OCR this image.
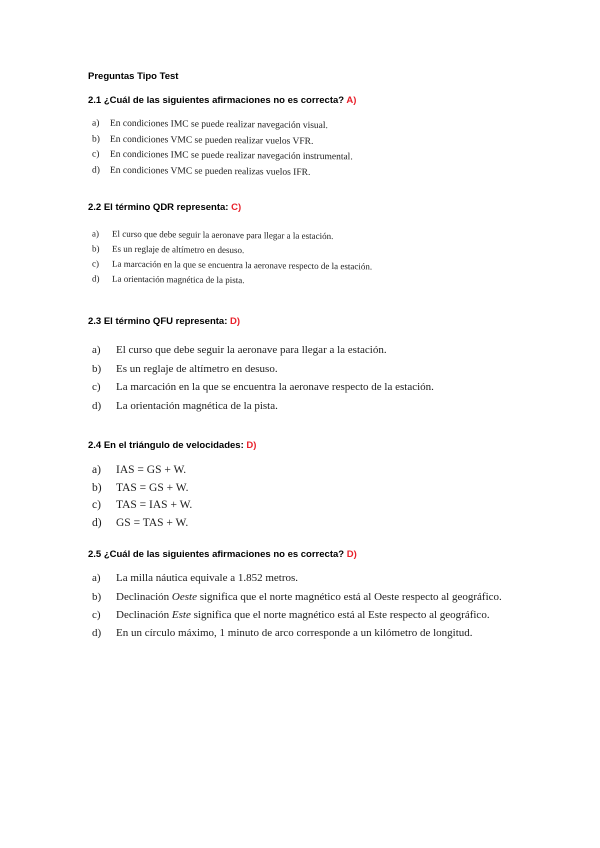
Preguntas Tipo Test
2.1 ¿Cuál de las siguientes afirmaciones no es correcta? A)
a)	En condiciones IMC se puede realizar navegación visual.
b)	En condiciones VMC se pueden realizar vuelos VFR.
c)	En condiciones IMC se puede realizar navegación instrumental.
d)	En condiciones VMC se pueden realizas vuelos IFR.
2.2 El término QDR representa: C)
a)	El curso que debe seguir la aeronave para llegar a la estación.
b)	Es un reglaje de altímetro en desuso.
c)	La marcación en la que se encuentra la aeronave respecto de la estación.
d)	La orientación magnética de la pista.
2.3 El término QFU representa: D)
a)	El curso que debe seguir la aeronave para llegar a la estación.
b)	Es un reglaje de altímetro en desuso.
c)	La marcación en la que se encuentra la aeronave respecto de la estación.
d)	La orientación magnética de la pista.
2.4 En el triángulo de velocidades: D)
a)	IAS = GS + W.
b)	TAS = GS + W.
c)	TAS = IAS + W.
d)	GS = TAS + W.
2.5 ¿Cuál de las siguientes afirmaciones no es correcta? D)
a)	La milla náutica equivale a 1.852 metros.
b)	Declinación Oeste significa que el norte magnético está al Oeste respecto al geográfico.
c)	Declinación Este significa que el norte magnético está al Este respecto al geográfico.
d)	En un círculo máximo, 1 minuto de arco corresponde a un kilómetro de longitud.
